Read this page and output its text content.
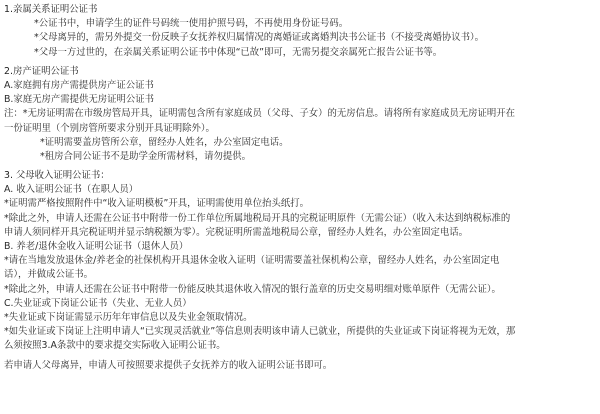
1.亲属关系证明公证书
*公证书中，申请学生的证件号码统一使用护照号码，不再使用身份证号码。
*父母离异的，需另外提交一份反映子女抚养权归属情况的离婚证或离婚判决书公证书（不接受离婚协议书）。
*父母一方过世的，在亲属关系证明公证书中体现“已故”即可，无需另提交亲属死亡报告公证书等。
2.房产证明公证书
A.家庭拥有房产需提供房产证公证书
B.家庭无房产需提供无房证明公证书
注：*无房证明需在市级房管局开具，证明需包含所有家庭成员（父母、子女）的无房信息。请将所有家庭成员无房证明开在
一份证明里（个别房管所要求分别开具证明除外）。
*证明需要盖房管所公章，留经办人姓名，办公室固定电话。
*租房合同公证书不是助学金所需材料，请勿提供。
3. 父母收入证明公证书：
A. 收入证明公证书（在职人员）
*证明需严格按照附件中“收入证明模板”开具，证明需使用单位抬头纸打。
*除此之外，申请人还需在公证书中附带一份工作单位所属地税局开具的完税证明原件（无需公证）（收入未达到纳税标准的
申请人须同样开具完税证明并显示纳税额为零）。完税证明所需盖地税局公章，留经办人姓名，办公室固定电话。
B. 养老/退休金收入证明公证书（退休人员）
*请在当地发放退休金/养老金的社保机构开具退休金收入证明（证明需要盖社保机构公章，留经办人姓名，办公室固定电
话），并做成公证书。
*除此之外，申请人还需在公证书中附带一份能反映其退休收入情况的银行盖章的历史交易明细对账单原件（无需公证）。
C.失业证或下岗证公证书（失业、无业人员）
*失业证或下岗证需显示历年年审信息以及失业金领取情况。
*如失业证或下岗证上注明申请人“已实现灵活就业”等信息则表明该申请人已就业，所提供的失业证或下岗证将视为无效，那
么须按照3.A条款中的要求提交实际收入证明公证书。
若申请人父母离异，申请人可按照要求提供子女抚养方的收入证明公证书即可。
